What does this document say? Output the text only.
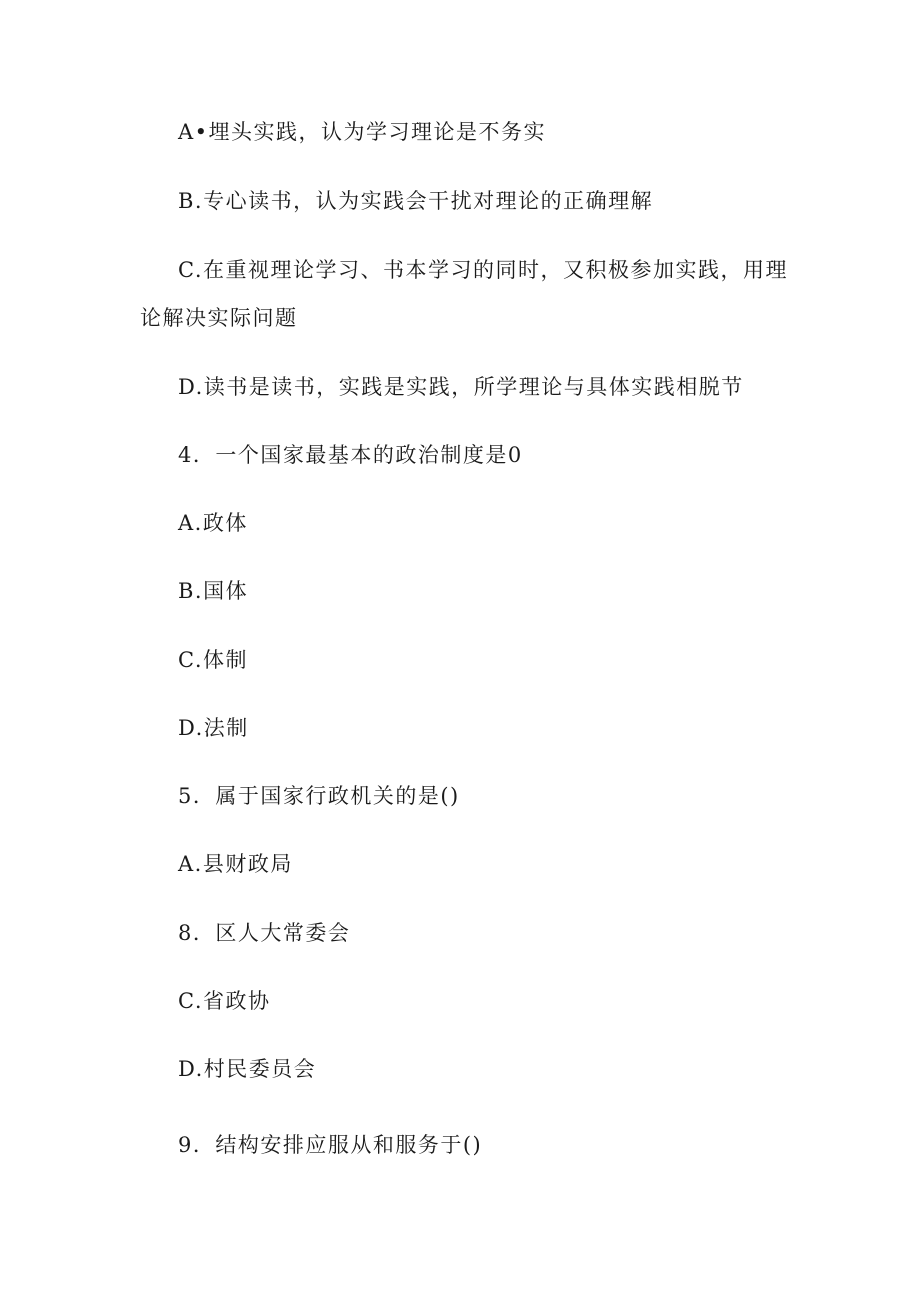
A•埋头实践，认为学习理论是不务实
B.专心读书，认为实践会干扰对理论的正确理解
C.在重视理论学习、书本学习的同时，又积极参加实践，用理
论解决实际问题
D.读书是读书，实践是实践，所学理论与具体实践相脱节
4．一个国家最基本的政治制度是0
A.政体
B.国体
C.体制
D.法制
5．属于国家行政机关的是()
A.县财政局
8．区人大常委会
C.省政协
D.村民委员会
9．结构安排应服从和服务于()
